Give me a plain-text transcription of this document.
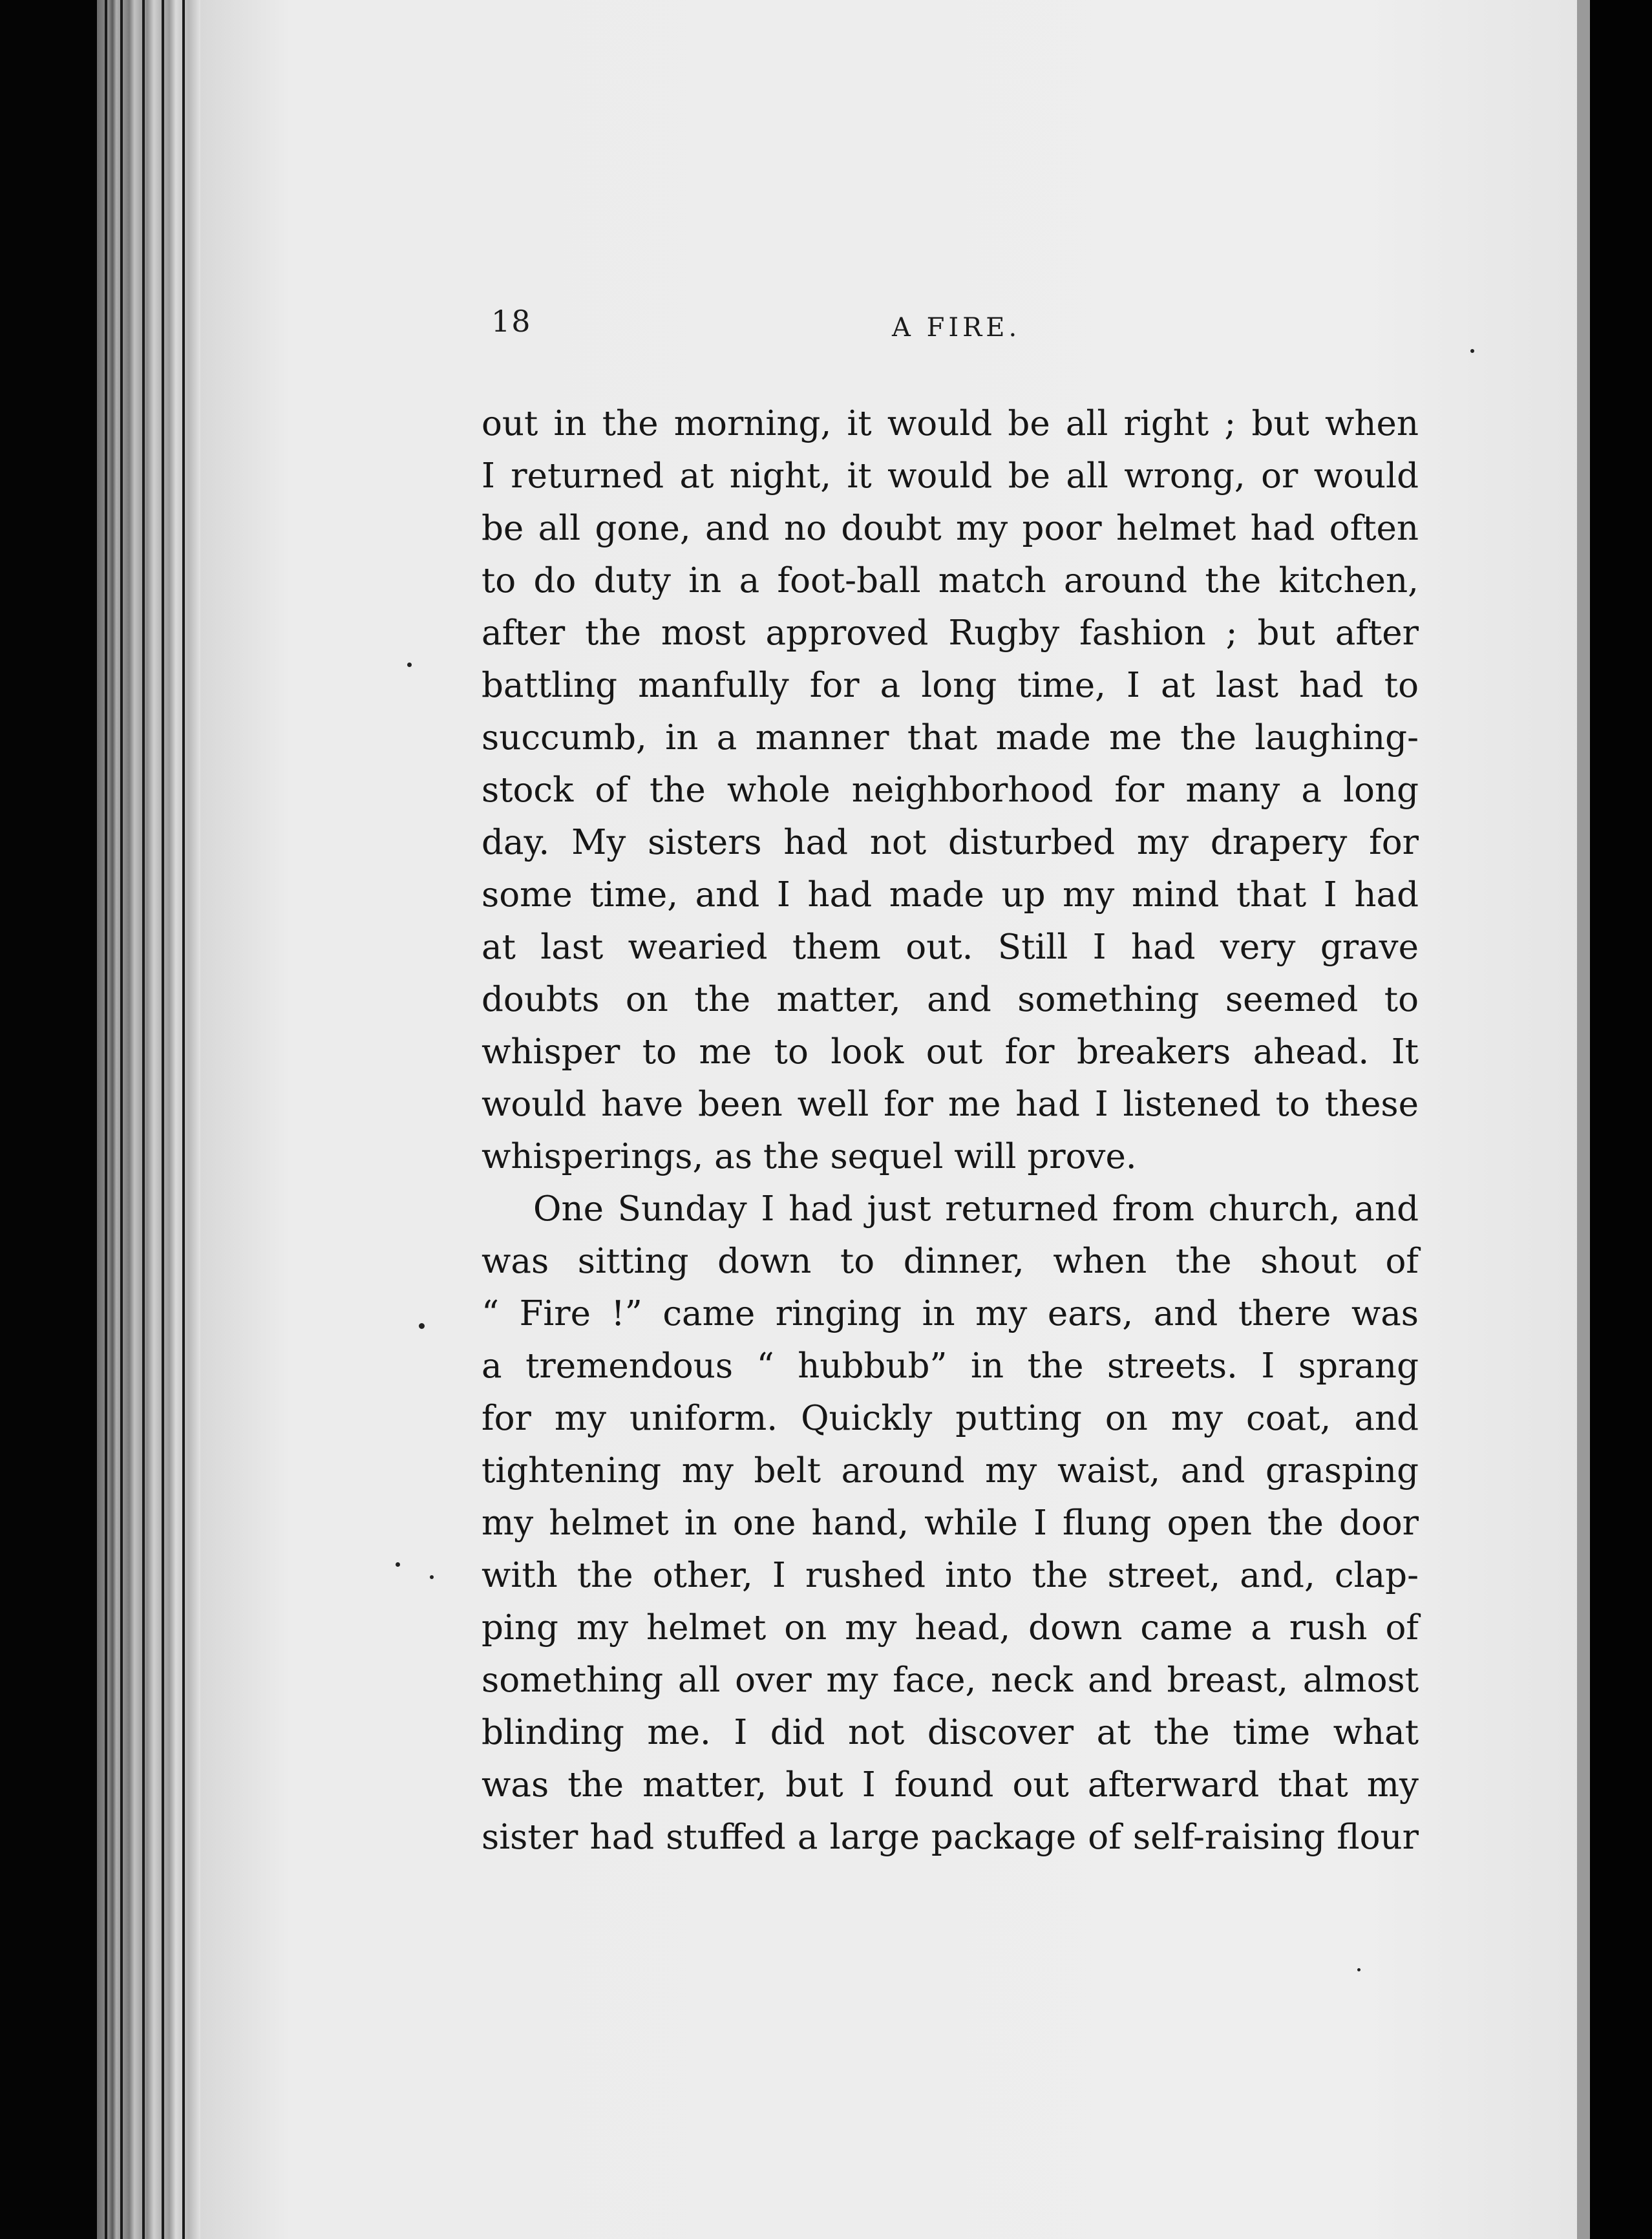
18	A FIRE.
out in the morning, it would be all right ; but when
I returned at night, it would be all wrong, or would
be all gone, and no doubt my poor helmet had often
to do duty in a foot-ball match around the kitchen,
after the most approved Rugby fashion ; but after
battling manfully for a long time, I at last had to
succumb, in a manner that made me the laughing-
stock of the whole neighborhood for many a long
day. My sisters had not disturbed my drapery for
some time, and I had made up my mind that I had
at last wearied them out. Still I had very grave
doubts on the matter, and something seemed to
whisper to me to look out for breakers ahead. It
would have been well for me had I listened to these
whisperings, as the sequel will prove.
One Sunday I had just returned from church, and
was sitting down to dinner, when the shout of
“ Fire !” came ringing in my ears, and there was
a tremendous “ hubbub” in the streets. I sprang
for my uniform. Quickly putting on my coat, and
tightening my belt around my waist, and grasping
my helmet in one hand, while I flung open the door
with the other, I rushed into the street, and, clap-
ping my helmet on my head, down came a rush of
something all over my face, neck and breast, almost
blinding me. I did not discover at the time what
was the matter, but I found out afterward that my
sister had stuffed a large package of self-raising flour
